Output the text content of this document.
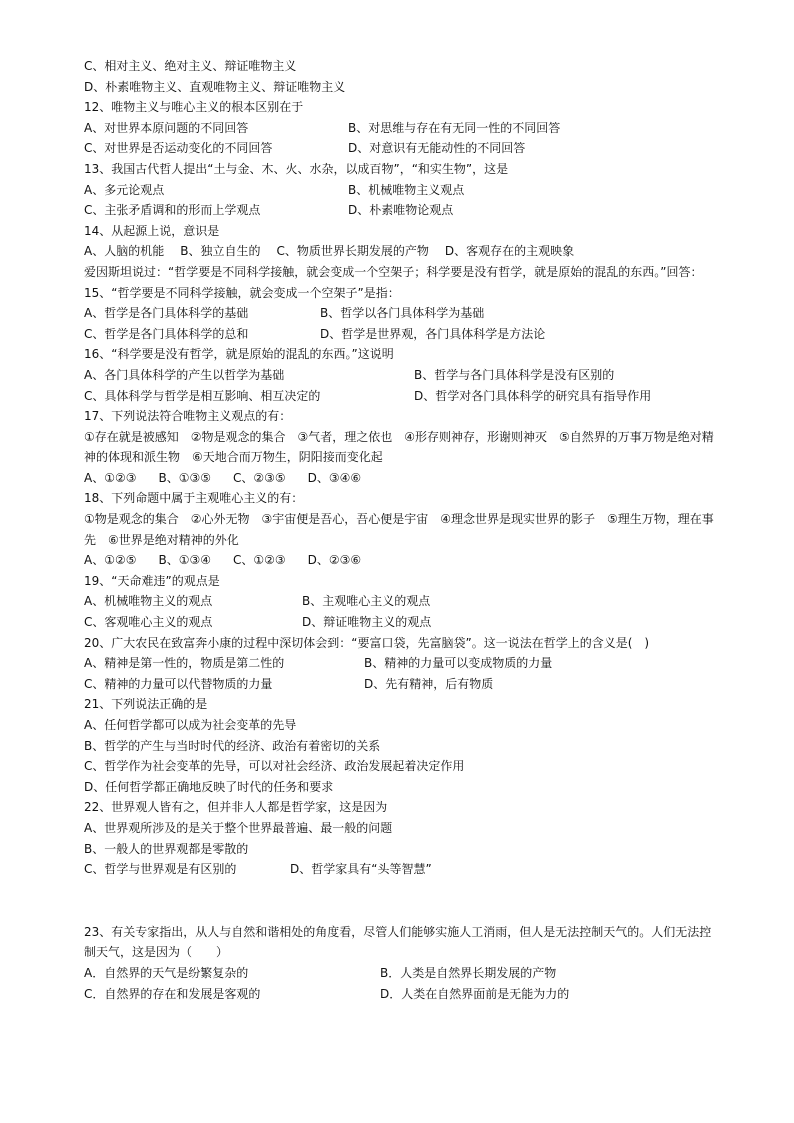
C、相对主义、绝对主义、辩证唯物主义
D、朴素唯物主义、直观唯物主义、辩证唯物主义
12、唯物主义与唯心主义的根本区别在于
A、对世界本原问题的不同回答	B、对思维与存在有无同一性的不同回答
C、对世界是否运动变化的不同回答	D、对意识有无能动性的不同回答
13、我国古代哲人提出“土与金、木、火、水杂，以成百物”，“和实生物”，这是
A、多元论观点	B、机械唯物主义观点
C、主张矛盾调和的形而上学观点	D、朴素唯物论观点
14、从起源上说，意识是
A、人脑的机能 B、独立自生的 C、物质世界长期发展的产物 D、客观存在的主观映象
爱因斯坦说过：“哲学要是不同科学接触，就会变成一个空架子；科学要是没有哲学，就是原始的混乱的东西。”回答：
15、“哲学要是不同科学接触，就会变成一个空架子”是指：
A、哲学是各门具体科学的基础	B、哲学以各门具体科学为基础
C、哲学是各门具体科学的总和	D、哲学是世界观，各门具体科学是方法论
16、“科学要是没有哲学，就是原始的混乱的东西。”这说明
A、各门具体科学的产生以哲学为基础	B、哲学与各门具体科学是没有区别的
C、具体科学与哲学是相互影响、相互决定的	D、哲学对各门具体科学的研究具有指导作用
17、下列说法符合唯物主义观点的有：
①存在就是被感知　②物是观念的集合　③气者，理之依也　④形存则神存，形谢则神灭　⑤自然界的万事万物是绝对精神的体现和派生物　⑥天地合而万物生，阴阳接而变化起
A、①②③ B、①③⑤ C、②③⑤ D、③④⑥
18、下列命题中属于主观唯心主义的有：
①物是观念的集合　②心外无物　③宇宙便是吾心，吾心便是宇宙　④理念世界是现实世界的影子　⑤理生万物，理在事先　⑥世界是绝对精神的外化
A、①②⑤ B、①③④ C、①②③ D、②③⑥
19、“天命难违”的观点是
A、机械唯物主义的观点	B、主观唯心主义的观点
C、客观唯心主义的观点	D、辩证唯物主义的观点
20、广大农民在致富奔小康的过程中深切体会到：“要富口袋，先富脑袋”。这一说法在哲学上的含义是(　)
A、精神是第一性的，物质是第二性的	B、精神的力量可以变成物质的力量
C、精神的力量可以代替物质的力量	D、先有精神，后有物质
21、下列说法正确的是
A、任何哲学都可以成为社会变革的先导
B、哲学的产生与当时时代的经济、政治有着密切的关系
C、哲学作为社会变革的先导，可以对社会经济、政治发展起着决定作用
D、任何哲学都正确地反映了时代的任务和要求
22、世界观人皆有之，但并非人人都是哲学家，这是因为
A、世界观所涉及的是关于整个世界最普遍、最一般的问题
B、一般人的世界观都是零散的
C、哲学与世界观是有区别的	D、哲学家具有“头等智慧”
23、有关专家指出，从人与自然和谐相处的角度看，尽管人们能够实施人工消雨，但人是无法控制天气的。人们无法控制天气，这是因为（　　）
A．自然界的天气是纷繁复杂的	B．人类是自然界长期发展的产物
C．自然界的存在和发展是客观的	D．人类在自然界面前是无能为力的
